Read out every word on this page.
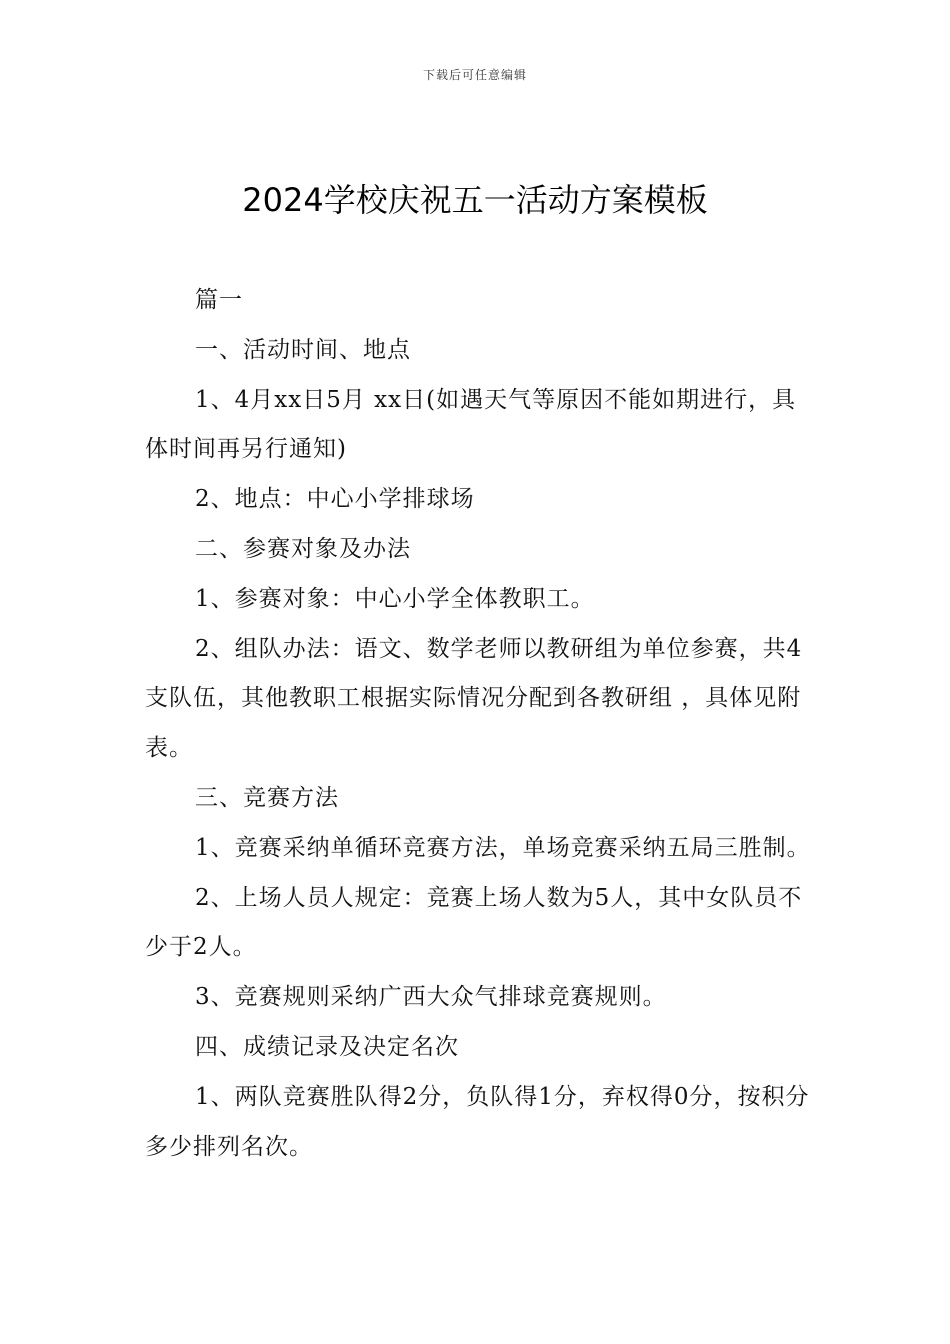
下载后可任意编辑
2024学校庆祝五一活动方案模板

篇一

一、活动时间、地点

1、4月xx日5月 xx日(如遇天气等原因不能如期进行，具体时间再另行通知)

2、地点：中心小学排球场

二、参赛对象及办法

1、参赛对象：中心小学全体教职工。

2、组队办法：语文、数学老师以教研组为单位参赛，共4支队伍，其他教职工根据实际情况分配到各教研组 ，具体见附表。

三、竞赛方法

1、竞赛采纳单循环竞赛方法，单场竞赛采纳五局三胜制。

2、上场人员人规定：竞赛上场人数为5人，其中女队员不少于2人。

3、竞赛规则采纳广西大众气排球竞赛规则。

四、成绩记录及决定名次

1、两队竞赛胜队得2分，负队得1分，弃权得0分，按积分多少排列名次。
